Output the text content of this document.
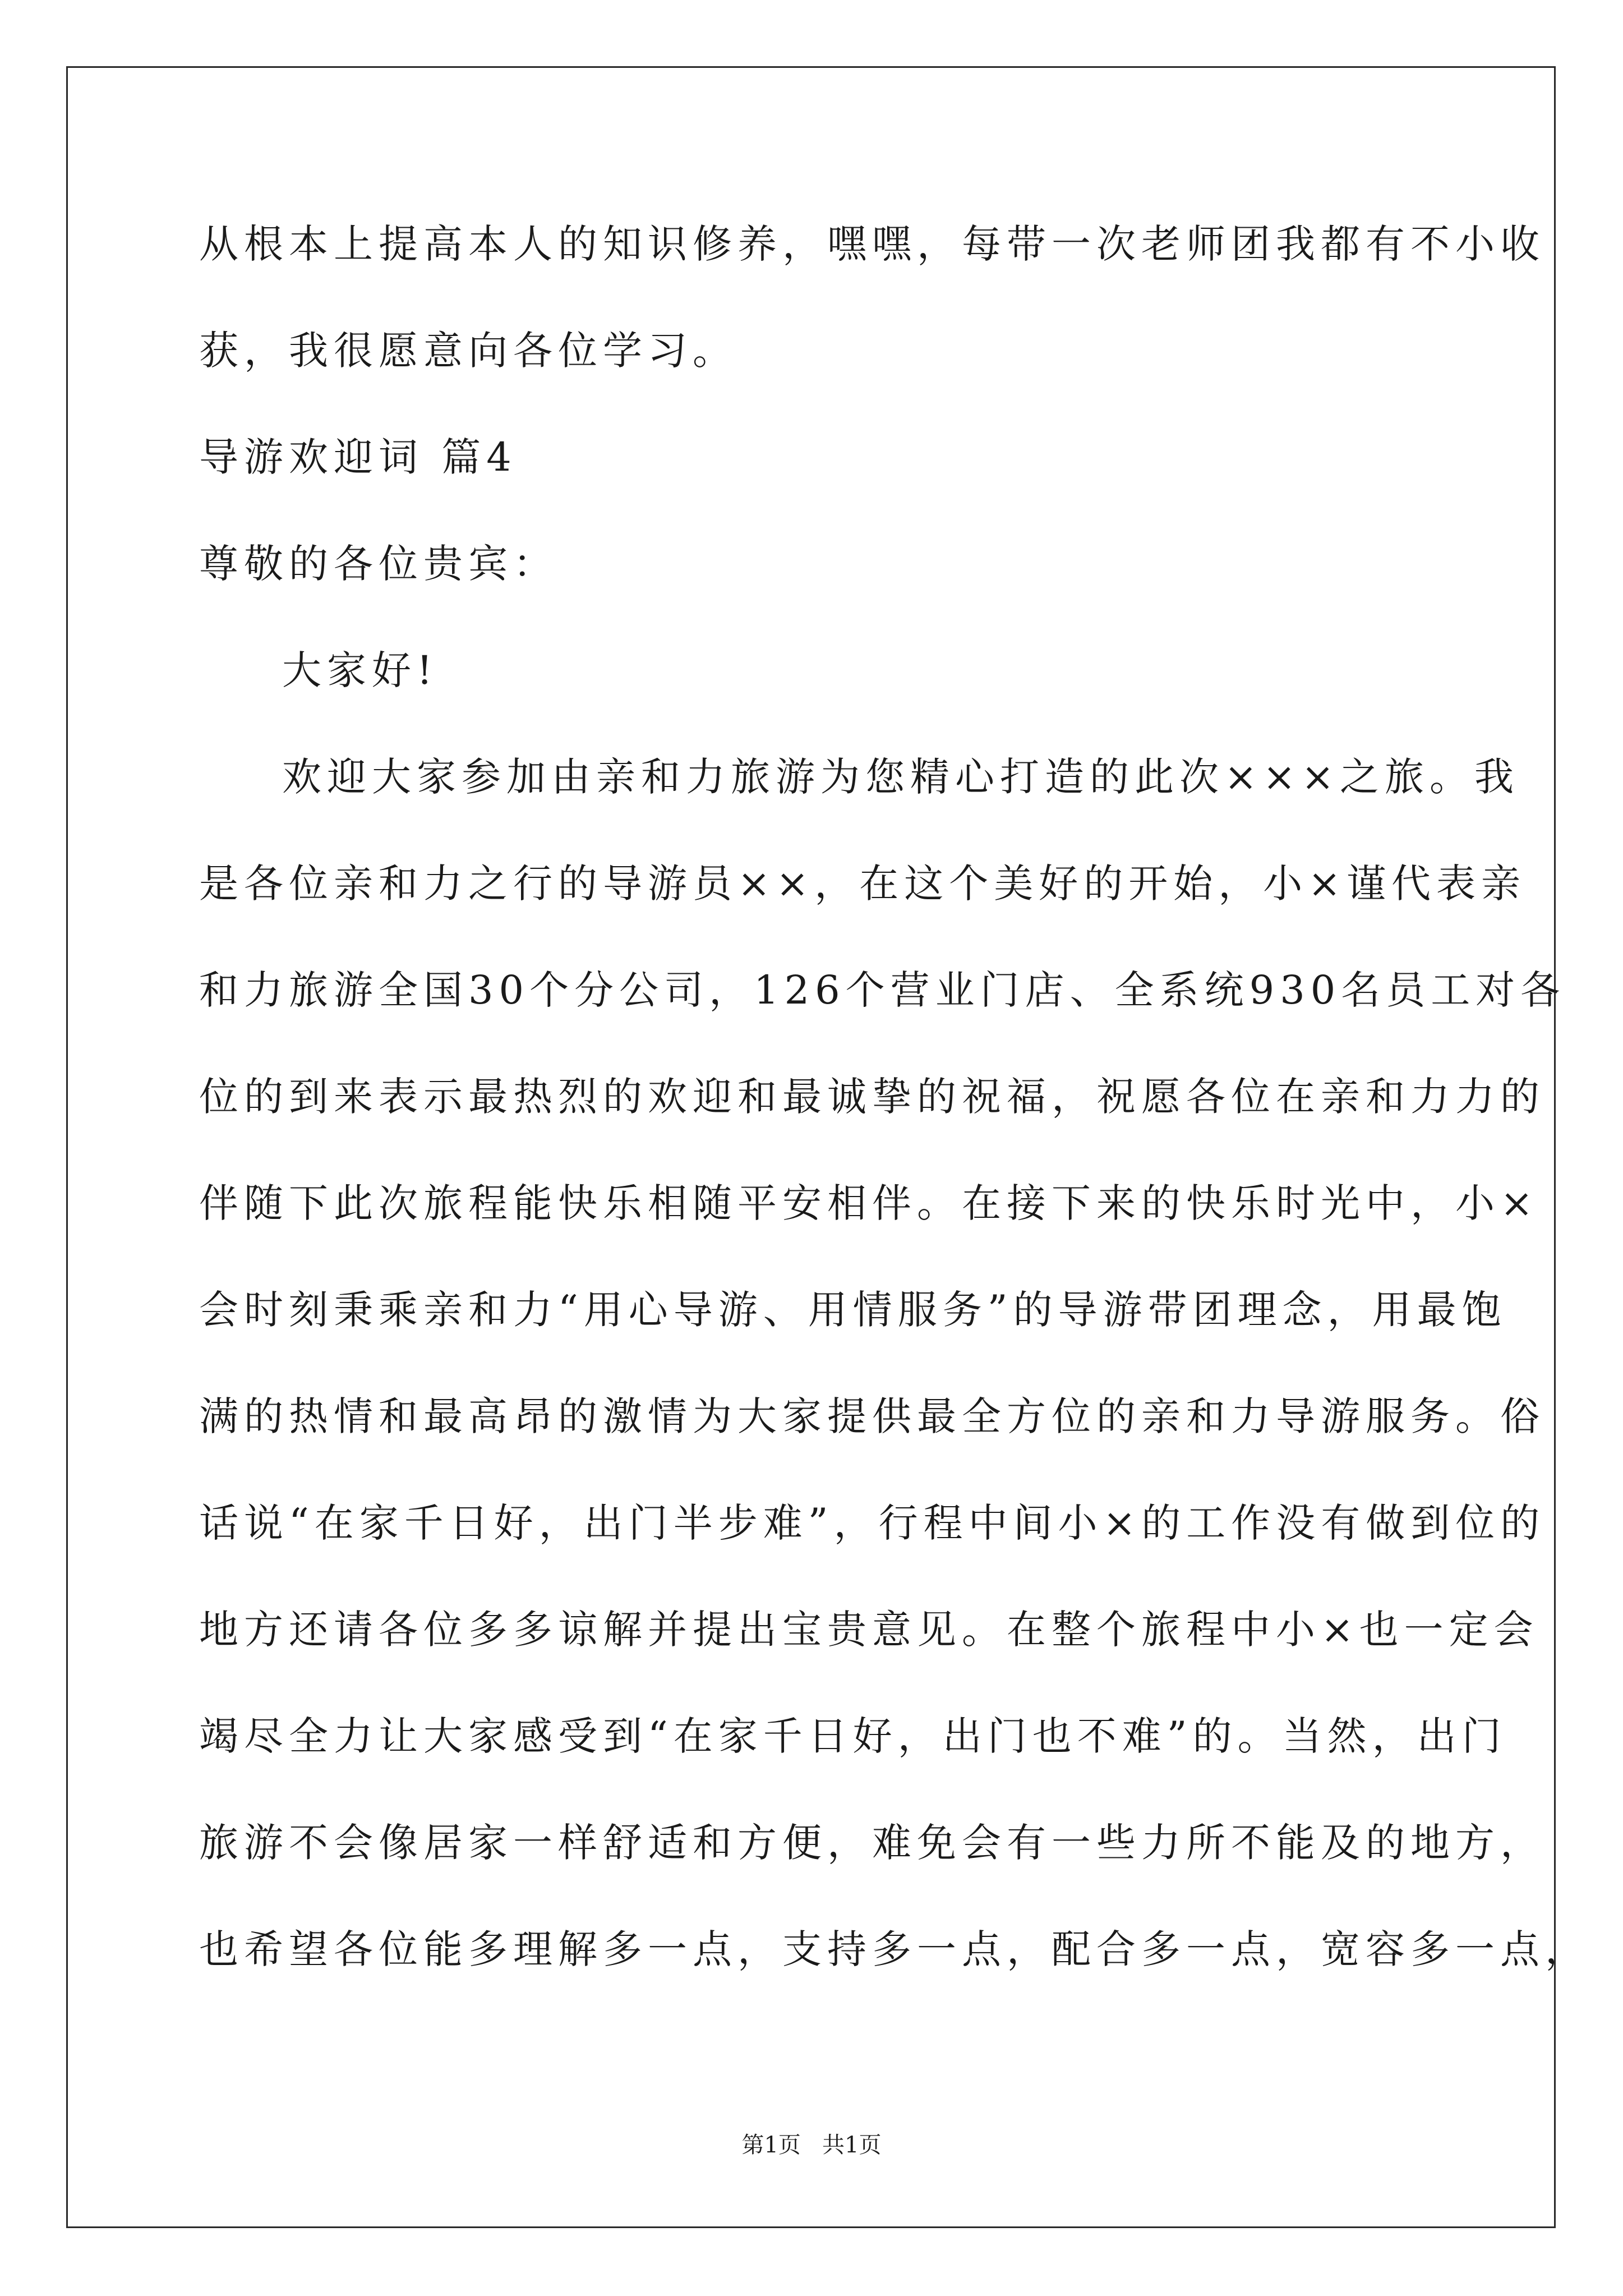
从根本上提高本人的知识修养，嘿嘿，每带一次老师团我都有不小收
获，我很愿意向各位学习。
导游欢迎词 篇4
尊敬的各位贵宾：
大家好!
欢迎大家参加由亲和力旅游为您精心打造的此次×××之旅。我
是各位亲和力之行的导游员××，在这个美好的开始，小×谨代表亲
和力旅游全国30个分公司，126个营业门店、全系统930名员工对各
位的到来表示最热烈的欢迎和最诚挚的祝福，祝愿各位在亲和力力的
伴随下此次旅程能快乐相随平安相伴。在接下来的快乐时光中，小×
会时刻秉乘亲和力“用心导游、用情服务”的导游带团理念，用最饱
满的热情和最高昂的激情为大家提供最全方位的亲和力导游服务。俗
话说“在家千日好，出门半步难”，行程中间小×的工作没有做到位的
地方还请各位多多谅解并提出宝贵意见。在整个旅程中小×也一定会
竭尽全力让大家感受到“在家千日好，出门也不难”的。当然，出门
旅游不会像居家一样舒适和方便，难免会有一些力所不能及的地方，
也希望各位能多理解多一点，支持多一点，配合多一点，宽容多一点，
第1页   共1页
